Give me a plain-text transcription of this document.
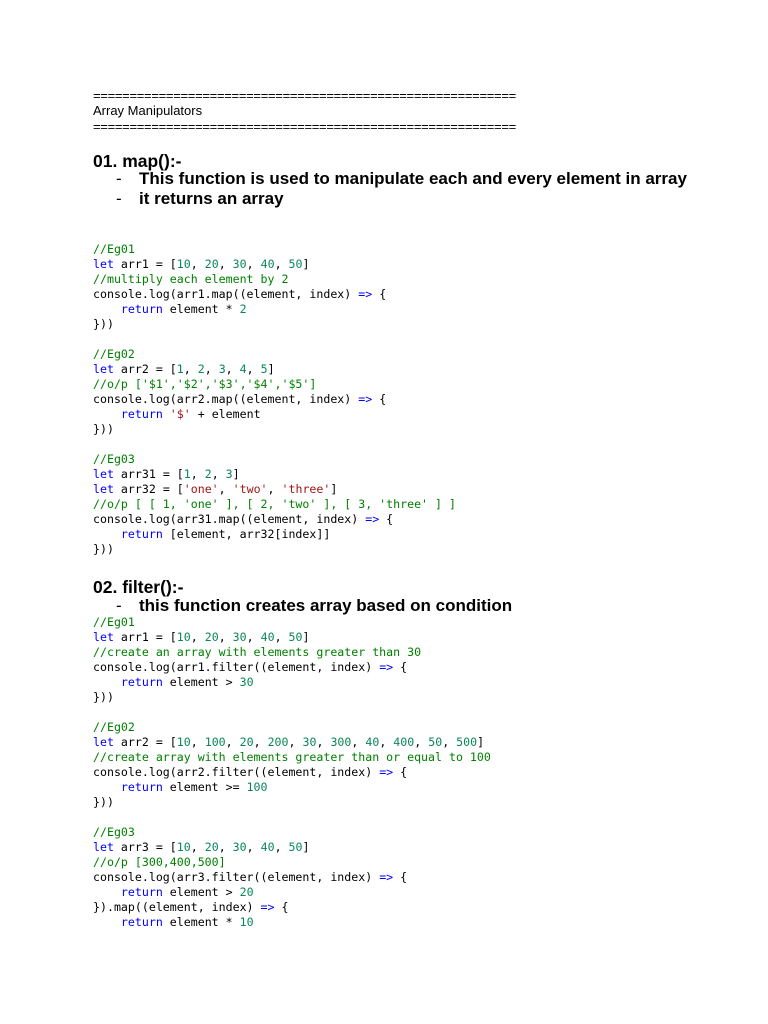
==========================================================
Array Manipulators
==========================================================
01. map():-
- This function is used to manipulate each and every element in array
- it returns an array
//Eg01
let arr1 = [10, 20, 30, 40, 50]
//multiply each element by 2
console.log(arr1.map((element, index) => {
return element * 2
}))
//Eg02
let arr2 = [1, 2, 3, 4, 5]
//o/p ['$1','$2','$3','$4','$5']
console.log(arr2.map((element, index) => {
return '$' + element
}))
//Eg03
let arr31 = [1, 2, 3]
let arr32 = ['one', 'two', 'three']
//o/p [ [ 1, 'one' ], [ 2, 'two' ], [ 3, 'three' ] ]
console.log(arr31.map((element, index) => {
return [element, arr32[index]]
}))
02. filter():-
- this function creates array based on condition
//Eg01
let arr1 = [10, 20, 30, 40, 50]
//create an array with elements greater than 30
console.log(arr1.filter((element, index) => {
return element > 30
}))
//Eg02
let arr2 = [10, 100, 20, 200, 30, 300, 40, 400, 50, 500]
//create array with elements greater than or equal to 100
console.log(arr2.filter((element, index) => {
return element >= 100
}))
//Eg03
let arr3 = [10, 20, 30, 40, 50]
//o/p [300,400,500]
console.log(arr3.filter((element, index) => {
return element > 20
}).map((element, index) => {
return element * 10
